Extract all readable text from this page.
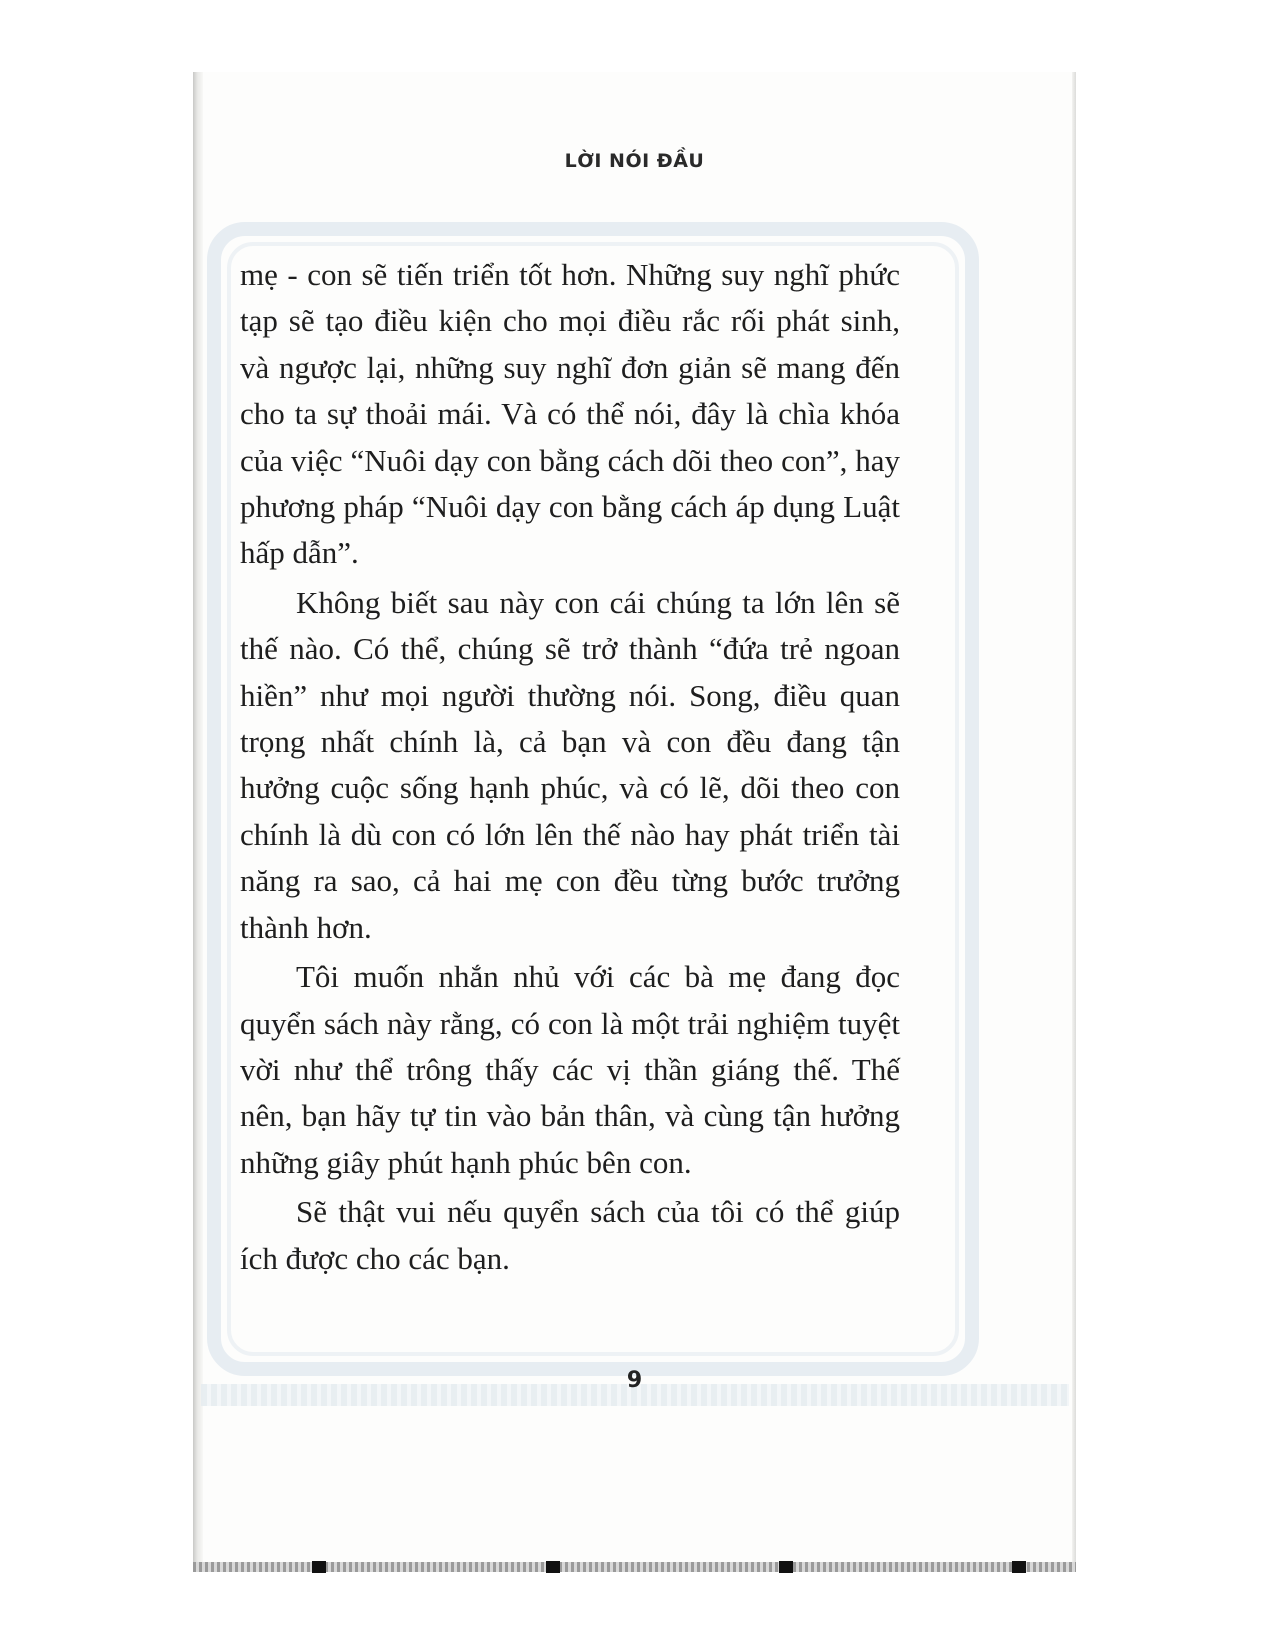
LỜI NÓI ĐẦU

mẹ - con sẽ tiến triển tốt hơn. Những suy nghĩ phức tạp sẽ tạo điều kiện cho mọi điều rắc rối phát sinh, và ngược lại, những suy nghĩ đơn giản sẽ mang đến cho ta sự thoải mái. Và có thể nói, đây là chìa khóa của việc “Nuôi dạy con bằng cách dõi theo con”, hay phương pháp “Nuôi dạy con bằng cách áp dụng Luật hấp dẫn”.

Không biết sau này con cái chúng ta lớn lên sẽ thế nào. Có thể, chúng sẽ trở thành “đứa trẻ ngoan hiền” như mọi người thường nói. Song, điều quan trọng nhất chính là, cả bạn và con đều đang tận hưởng cuộc sống hạnh phúc, và có lẽ, dõi theo con chính là dù con có lớn lên thế nào hay phát triển tài năng ra sao, cả hai mẹ con đều từng bước trưởng thành hơn.

Tôi muốn nhắn nhủ với các bà mẹ đang đọc quyển sách này rằng, có con là một trải nghiệm tuyệt vời như thể trông thấy các vị thần giáng thế. Thế nên, bạn hãy tự tin vào bản thân, và cùng tận hưởng những giây phút hạnh phúc bên con.

Sẽ thật vui nếu quyển sách của tôi có thể giúp ích được cho các bạn.

9
